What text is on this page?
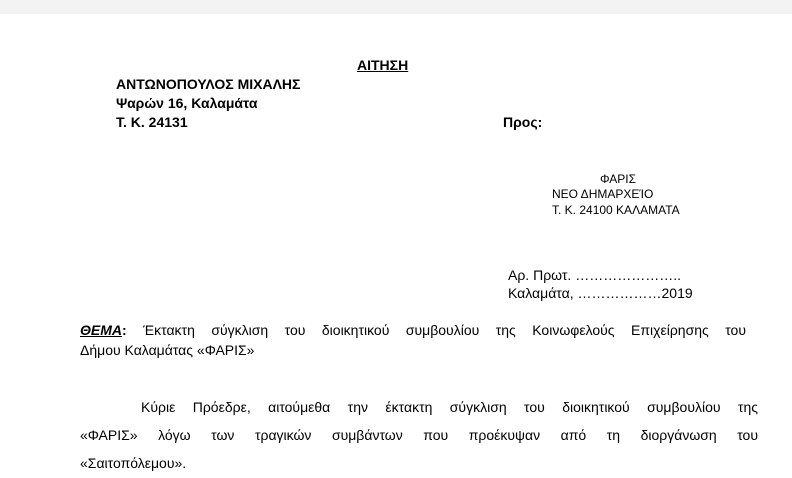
ΑΙΤΗΣΗ
ΑΝΤΩΝΟΠΟΥΛΟΣ ΜΙΧΑΛΗΣ
Ψαρών 16, Καλαμάτα
Τ. Κ. 24131	Προς:
ΦΑΡΙΣ
ΝΕΟ ΔΗΜΑΡΧΕΊΟ
Τ. Κ. 24100 ΚΑΛΑΜΑΤΑ
Αρ. Πρωτ. …………………..
Καλαμάτα, ………………2019
ΘΕΜΑ: Έκτακτη σύγκλιση του διοικητικού συμβουλίου της Κοινωφελούς Επιχείρησης του
Δήμου Καλαμάτας «ΦΑΡΙΣ»
Κύριε Πρόεδρε, αιτούμεθα την έκτακτη σύγκλιση του διοικητικού συμβουλίου της
«ΦΑΡΙΣ» λόγω των τραγικών συμβάντων που προέκυψαν από τη διοργάνωση του
«Σαιτοπόλεμου».
